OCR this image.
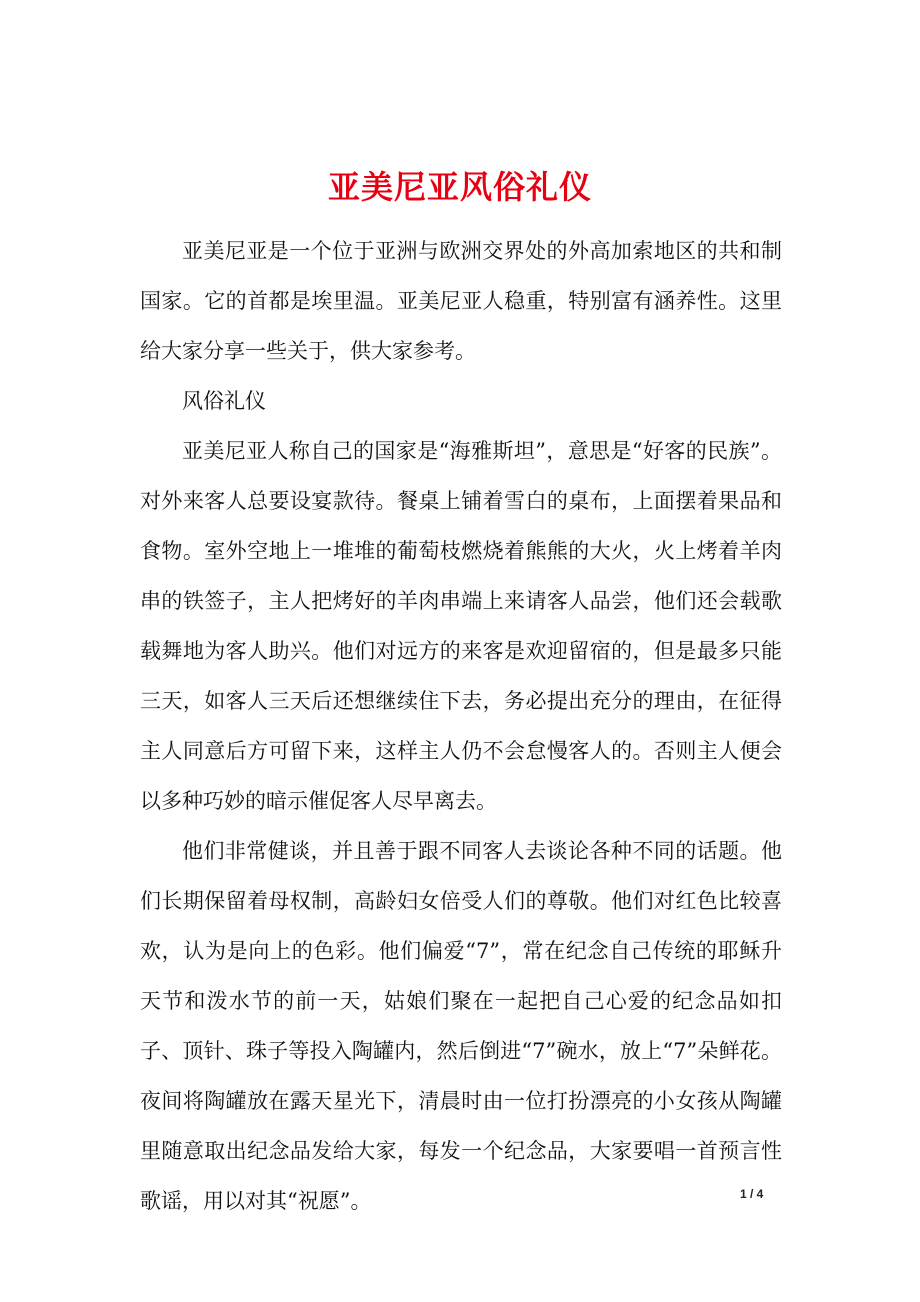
亚美尼亚风俗礼仪

亚美尼亚是一个位于亚洲与欧洲交界处的外高加索地区的共和制国家。它的首都是埃里温。亚美尼亚人稳重，特别富有涵养性。这里给大家分享一些关于，供大家参考。

风俗礼仪

亚美尼亚人称自己的国家是“海雅斯坦”，意思是“好客的民族”。对外来客人总要设宴款待。餐桌上铺着雪白的桌布，上面摆着果品和食物。室外空地上一堆堆的葡萄枝燃烧着熊熊的大火，火上烤着羊肉串的铁签子，主人把烤好的羊肉串端上来请客人品尝，他们还会载歌载舞地为客人助兴。他们对远方的来客是欢迎留宿的，但是最多只能三天，如客人三天后还想继续住下去，务必提出充分的理由，在征得主人同意后方可留下来，这样主人仍不会怠慢客人的。否则主人便会以多种巧妙的暗示催促客人尽早离去。

他们非常健谈，并且善于跟不同客人去谈论各种不同的话题。他们长期保留着母权制，高龄妇女倍受人们的尊敬。他们对红色比较喜欢，认为是向上的色彩。他们偏爱“7”，常在纪念自己传统的耶稣升天节和泼水节的前一天，姑娘们聚在一起把自己心爱的纪念品如扣子、顶针、珠子等投入陶罐内，然后倒进“7”碗水，放上“7”朵鲜花。夜间将陶罐放在露天星光下，清晨时由一位打扮漂亮的小女孩从陶罐里随意取出纪念品发给大家，每发一个纪念品，大家要唱一首预言性歌谣，用以对其“祝愿”。	1 / 4
